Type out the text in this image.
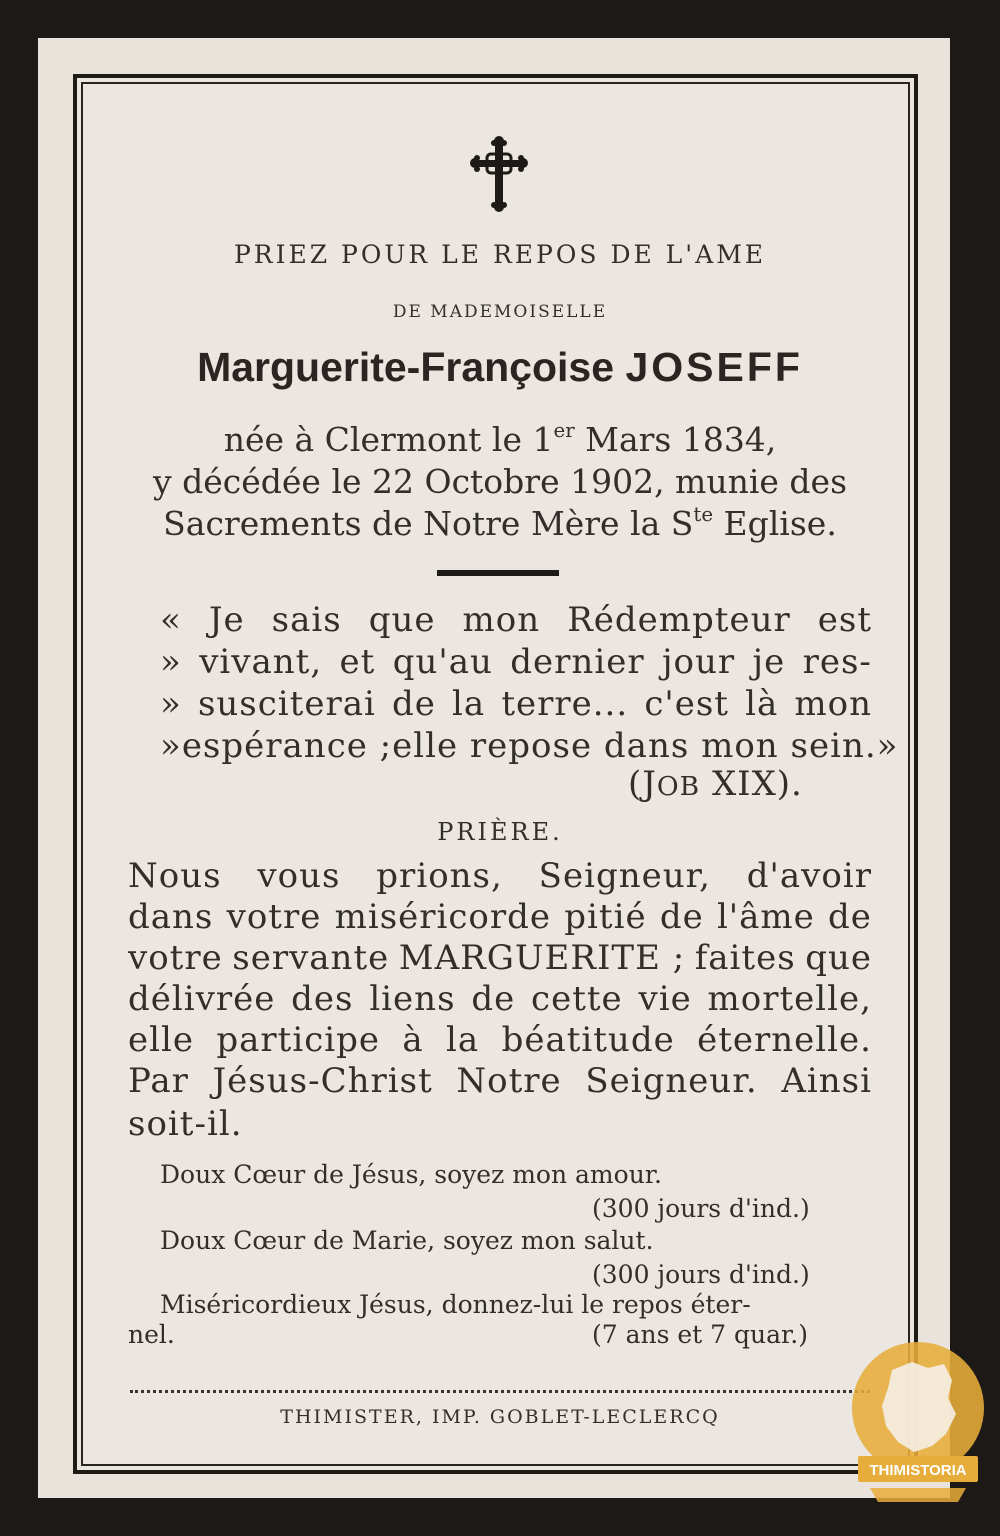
PRIEZ POUR LE REPOS DE L'AME
DE MADEMOISELLE
Marguerite-Françoise JOSEFF
née à Clermont le 1er Mars 1834,
y décédée le 22 Octobre 1902, munie des
Sacrements de Notre Mère la $S^{te}$ Eglise.
« Je sais que mon Rédempteur est
» vivant, et qu'au dernier jour je res-
» susciterai de la terre... c'est là mon
» espérance ; elle repose dans mon sein. »
(JOB XIX).
PRIÈRE.
Nous vous prions, Seigneur, d'avoir
dans votre miséricorde pitié de l'âme de
votre servante MARGUERITE ; faites que
délivrée des liens de cette vie mortelle,
elle participe à la béatitude éternelle.
Par Jésus-Christ Notre Seigneur. Ainsi
soit-il.
Doux Cœur de Jésus, soyez mon amour.
(300 jours d'ind.)
Doux Cœur de Marie, soyez mon salut.
(300 jours d'ind.)
Miséricordieux Jésus, donnez-lui le repos éter-
nel.	(7 ans et 7 quar.)
THIMISTER, IMP. GOBLET-LECLERCQ
THIMISTORIA
